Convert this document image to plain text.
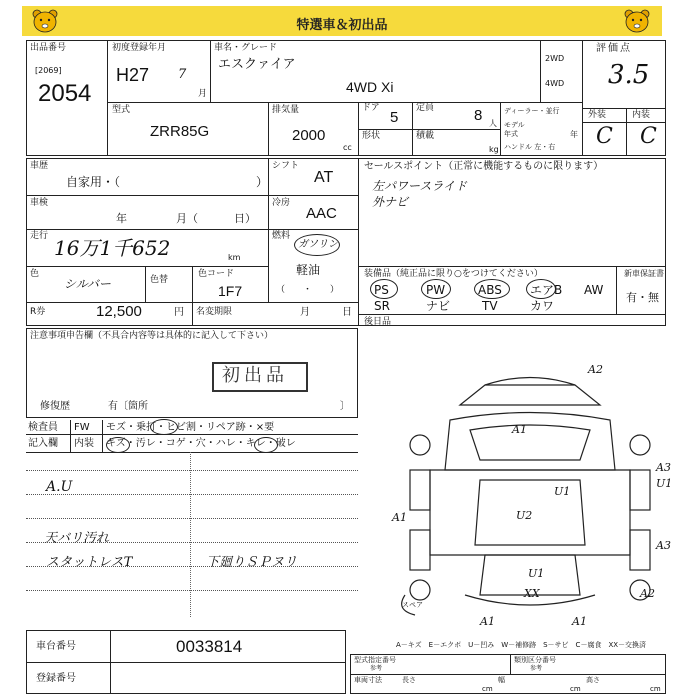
特選車＆初出品
出品番号
[2069]
2054
初度登録年月
H27 7
月
車名・グレード
エスクァイア
4WD Xi
2WD
4WD
評価点
3.5
型式
ZRR85G
排気量
2000
cc
ドア
5
定員	8 人
形状	積載
kg
ディーラー・並行
モデル
年式	年
ハンドル 左・右
外装	内装
C C
車歴
自家用・（	）
車検
年	月（	日）
走行 16万1千652	km
色
シルバー	色替
色コード
1F7
シフト
AT
冷房
AAC
燃料
ガソリン
軽油
（　　・　　）
セールスポイント（正常に機能するものに限ります）
左パワースライド
外ナビ
R券	12,500	円 名変期限	月	日
装備品（純正品に限り○をつけてください）
PS	PW	ABS エアB AW
SR	ナビ	TV	カワ
新車保証書
有・無
後日品
注意事項申告欄（不具合内容等は具体的に記入して下さい）
初出品
修復歴	有〔箇所	〕
検査員 FW モズ・乗打・ヒビ割・リペア跡・×要
記入欄 内装 キズ・汚レ・コゲ・穴・ハレ・キレ・破レ
A.U
天バリ汚れ
スタットレスT	下廻りＳＰヌリ
A2
A1
A3
U1
A1	U2
U1
A3
U1
XX	A2
A1	A1
スペア
A－キズ　E－エクボ　U－凹み　W－補修跡　S－サビ　C－腐食　XX－交換済
車台番号	0033814
登録番号
型式指定番号
参考
類別区分番号
参考
車両寸法	長さ
cm
幅
cm
高さ
cm
